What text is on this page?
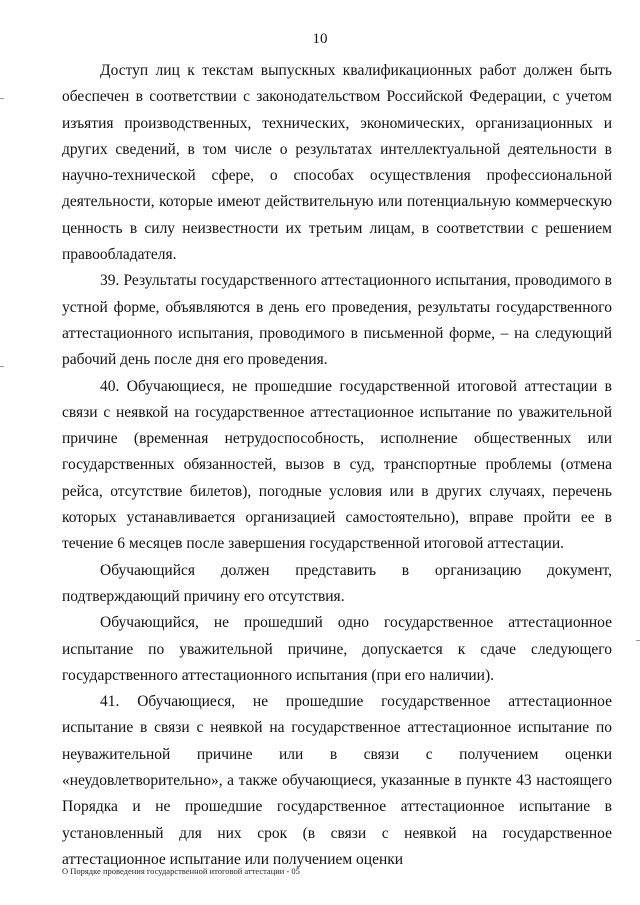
10

Доступ лиц к текстам выпускных квалификационных работ должен быть обеспечен в соответствии с законодательством Российской Федерации, с учетом изъятия производственных, технических, экономических, организационных и других сведений, в том числе о результатах интеллектуальной деятельности в научно-технической сфере, о способах осуществления профессиональной деятельности, которые имеют действительную или потенциальную коммерческую ценность в силу неизвестности их третьим лицам, в соответствии с решением правообладателя.

39. Результаты государственного аттестационного испытания, проводимого в устной форме, объявляются в день его проведения, результаты государственного аттестационного испытания, проводимого в письменной форме, – на следующий рабочий день после дня его проведения.

40. Обучающиеся, не прошедшие государственной итоговой аттестации в связи с неявкой на государственное аттестационное испытание по уважительной причине (временная нетрудоспособность, исполнение общественных или государственных обязанностей, вызов в суд, транспортные проблемы (отмена рейса, отсутствие билетов), погодные условия или в других случаях, перечень которых устанавливается организацией самостоятельно), вправе пройти ее в течение 6 месяцев после завершения государственной итоговой аттестации.

Обучающийся должен представить в организацию документ, подтверждающий причину его отсутствия.

Обучающийся, не прошедший одно государственное аттестационное испытание по уважительной причине, допускается к сдаче следующего государственного аттестационного испытания (при его наличии).

41. Обучающиеся, не прошедшие государственное аттестационное испытание в связи с неявкой на государственное аттестационное испытание по неуважительной причине или в связи с получением оценки «неудовлетворительно», а также обучающиеся, указанные в пункте 43 настоящего Порядка и не прошедшие государственное аттестационное испытание в установленный для них срок (в связи с неявкой на государственное аттестационное испытание или получением оценки

О Порядке проведения государственной итоговой аттестации - 05
